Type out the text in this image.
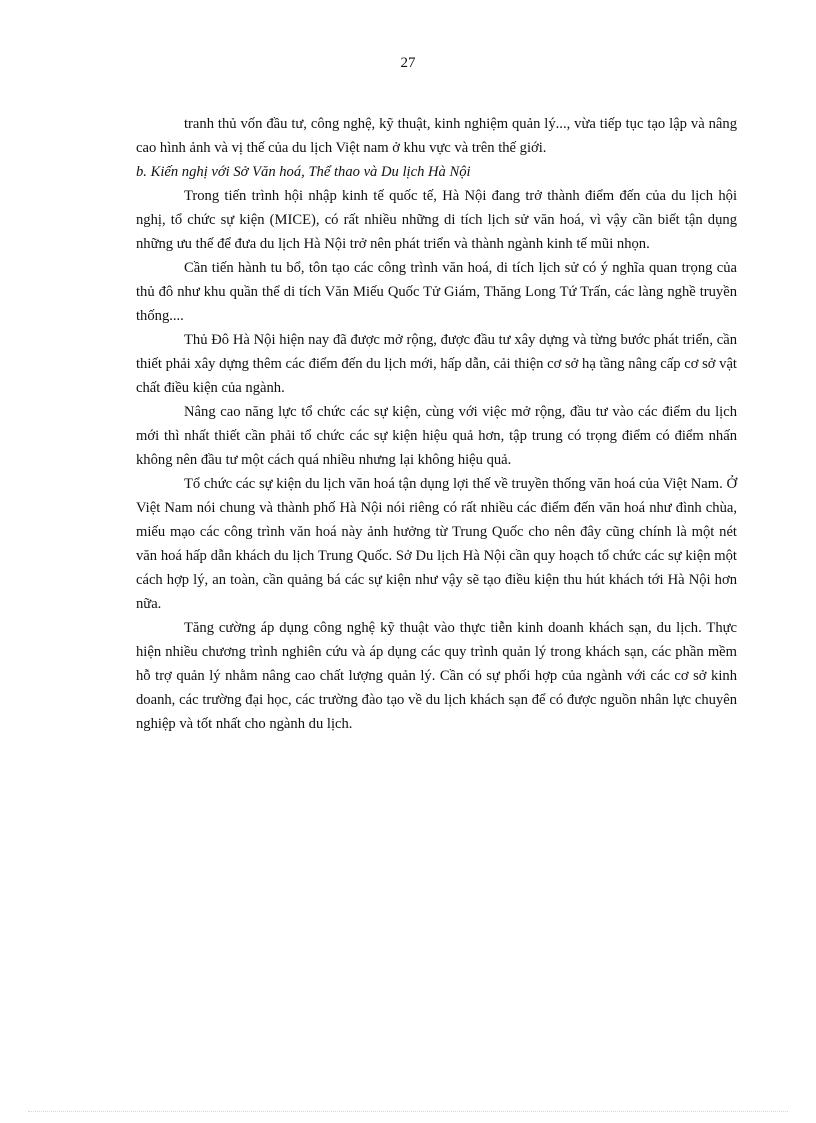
27

tranh thủ vốn đầu tư, công nghệ, kỹ thuật, kinh nghiệm quản lý..., vừa tiếp tục tạo lập và nâng cao hình ảnh và vị thế của du lịch Việt nam ở khu vực và trên thế giới.

b. Kiến nghị với Sở Văn hoá, Thể thao và Du lịch Hà Nội

Trong tiến trình hội nhập kinh tế quốc tế, Hà Nội đang trở thành điểm đến của du lịch hội nghị, tổ chức sự kiện (MICE), có rất nhiều những di tích lịch sử văn hoá, vì vậy cần biết tận dụng những ưu thế để đưa du lịch Hà Nội trở nên phát triển và thành ngành kinh tế mũi nhọn.

Cần tiến hành tu bổ, tôn tạo các công trình văn hoá, di tích lịch sử có ý nghĩa quan trọng của thủ đô như khu quần thể di tích Văn Miếu Quốc Tử Giám, Thăng Long Tứ Trấn, các làng nghề truyền thống....

Thủ Đô Hà Nội hiện nay đã được mở rộng, được đầu tư xây dựng và từng bước phát triển, cần thiết phải xây dựng thêm các điểm đến du lịch mới, hấp dẫn, cải thiện cơ sở hạ tầng nâng cấp cơ sở vật chất điều kiện của ngành.

Nâng cao năng lực tổ chức các sự kiện, cùng với việc mở rộng, đầu tư vào các điểm du lịch mới thì nhất thiết cần phải tổ chức các sự kiện hiệu quả hơn, tập trung có trọng điểm có điểm nhấn không nên đầu tư một cách quá nhiều nhưng lại không hiệu quả.

Tổ chức các sự kiện du lịch văn hoá tận dụng lợi thế về truyền thống văn hoá của Việt Nam. Ở Việt Nam nói chung và thành phố Hà Nội nói riêng có rất nhiều các điểm đến văn hoá như đình chùa, miếu mạo các công trình văn hoá này ảnh hưởng từ Trung Quốc cho nên đây cũng chính là một nét văn hoá hấp dẫn khách du lịch Trung Quốc. Sở Du lịch Hà Nội cần quy hoạch tổ chức các sự kiện một cách hợp lý, an toàn, cần quảng bá các sự kiện như vậy sẽ tạo điều kiện thu hút khách tới Hà Nội hơn nữa.

Tăng cường áp dụng công nghệ kỹ thuật vào thực tiễn kinh doanh khách sạn, du lịch. Thực hiện nhiều chương trình nghiên cứu và áp dụng các quy trình quản lý trong khách sạn, các phần mềm hỗ trợ quản lý nhằm nâng cao chất lượng quản lý. Cần có sự phối hợp của ngành với các cơ sở kinh doanh, các trường đại học, các trường đào tạo về du lịch khách sạn để có được nguồn nhân lực chuyên nghiệp và tốt nhất cho ngành du lịch.
